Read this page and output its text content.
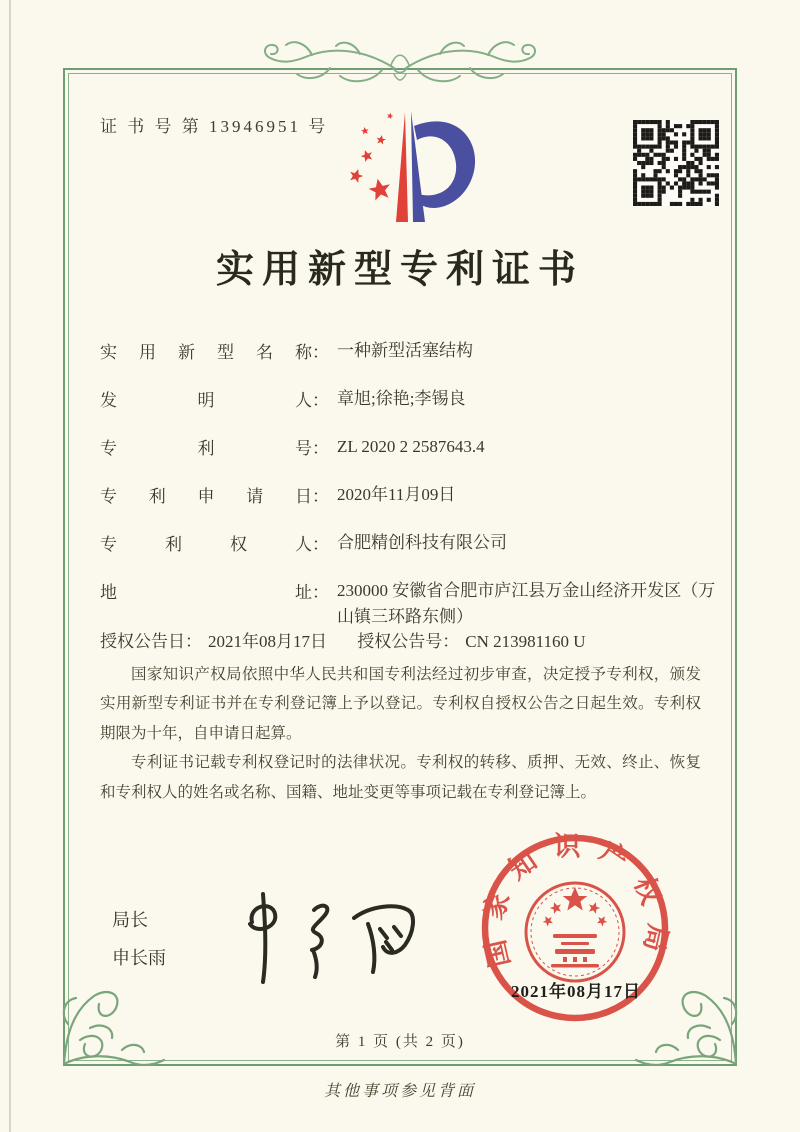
证 书 号 第 13946951 号
实用新型专利证书
实用新型名称： 一种新型活塞结构
发明人： 章旭;徐艳;李锡良
专利号： ZL 2020 2 2587643.4
专利申请日： 2020年11月09日
专利权人： 合肥精创科技有限公司
地址： 230000 安徽省合肥市庐江县万金山经济开发区（万山镇三环路东侧）
授权公告日： 2021年08月17日 授权公告号： CN 213981160 U

国家知识产权局依照中华人民共和国专利法经过初步审查，决定授予专利权，颁发实用新型专利证书并在专利登记簿上予以登记。专利权自授权公告之日起生效。专利权期限为十年，自申请日起算。

专利证书记载专利权登记时的法律状况。专利权的转移、质押、无效、终止、恢复和专利权人的姓名或名称、国籍、地址变更等事项记载在专利登记簿上。

局长
申长雨	国家知识产权局
2021年08月17日
第 1 页 (共 2 页)
其他事项参见背面
